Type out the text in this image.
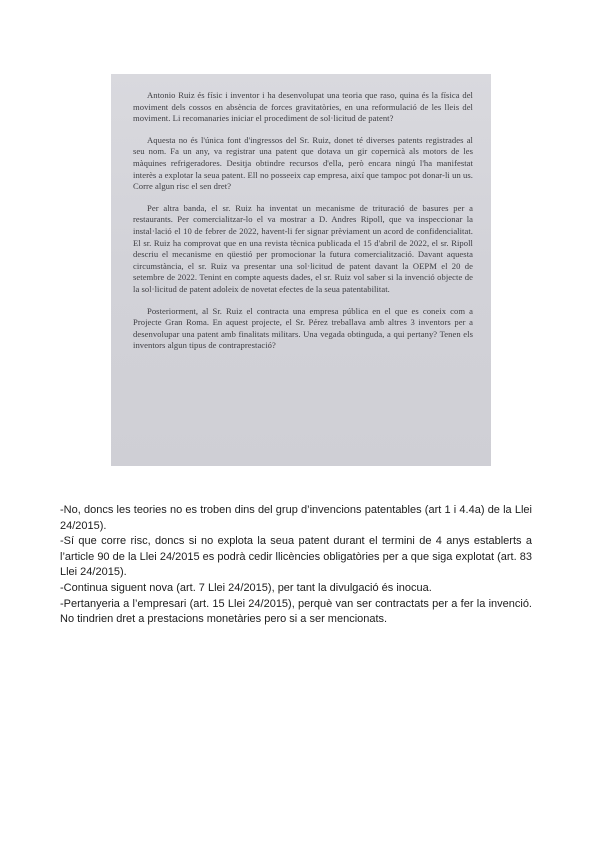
Antonio Ruiz és físic i inventor i ha desenvolupat una teoria que raso, quina és la física del moviment dels cossos en absència de forces gravitatòries, en una reformulació de les lleis del moviment. Li recomanaries iniciar el procediment de sol·licitud de patent?

Aquesta no és l'única font d'ingressos del Sr. Ruiz, donet té diverses patents registrades al seu nom. Fa un any, va registrar una patent que dotava un gir copernicà als motors de les màquines refrigeradores. Desitja obtindre recursos d'ella, però encara ningú l'ha manifestat interès a explotar la seua patent. Ell no posseeix cap empresa, així que tampoc pot donar-li un us. Corre algun risc el sen dret?

Per altra banda, el sr. Ruiz ha inventat un mecanisme de trituració de basures per a restaurants. Per comercialitzar-lo el va mostrar a D. Andres Ripoll, que va inspeccionar la instal·lació el 10 de febrer de 2022, havent-li fer signar prèviament un acord de confidencialitat. El sr. Ruiz ha comprovat que en una revista tècnica publicada el 15 d'abril de 2022, el sr. Ripoll descriu el mecanisme en qüestió per promocionar la futura comercialització. Davant aquesta circumstància, el sr. Ruiz va presentar una sol·licitud de patent davant la OEPM el 20 de setembre de 2022. Tenint en compte aquests dades, el sr. Ruiz vol saber si la invenció objecte de la sol·licitud de patent adoleix de novetat efectes de la seua patentabilitat.

Posteriorment, al Sr. Ruiz el contracta una empresa pública en el que es coneix com a Projecte Gran Roma. En aquest projecte, el Sr. Pérez treballava amb altres 3 inventors per a desenvolupar una patent amb finalitats militars. Una vegada obtinguda, a qui pertany? Tenen els inventors algun tipus de contraprestació?

-No, doncs les teories no es troben dins del grup d’invencions patentables (art 1 i 4.4a) de la Llei 24/2015).

-Sí que corre risc, doncs si no explota la seua patent durant el termini de 4 anys establerts a l’article 90 de la Llei 24/2015 es podrà cedir llicències obligatòries per a que siga explotat (art. 83 Llei 24/2015).

-Continua siguent nova (art. 7 Llei 24/2015), per tant la divulgació és inocua.

-Pertanyeria a l’empresari (art. 15 Llei 24/2015), perquè van ser contractats per a fer la invenció. No tindrien dret a prestacions monetàries pero si a ser mencionats.
